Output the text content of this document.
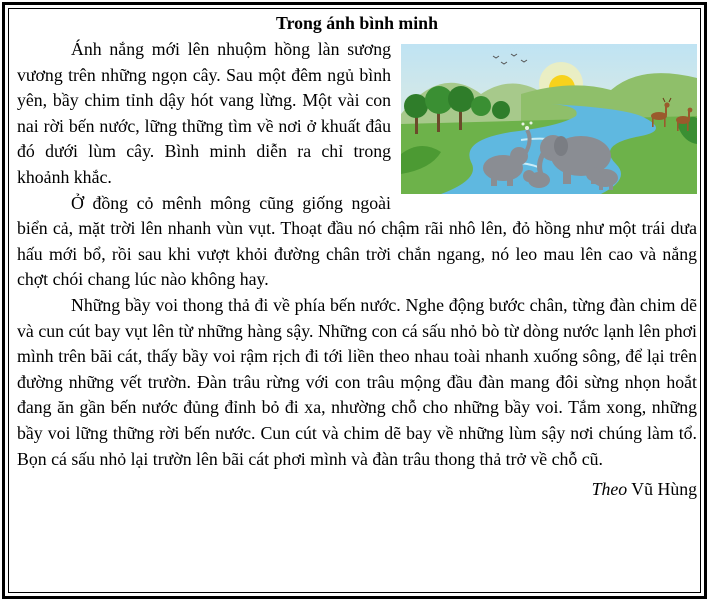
Trong ánh bình minh

Ánh nắng mới lên nhuộm hồng làn sương vương trên những ngọn cây. Sau một đêm ngủ bình yên, bầy chim tỉnh dậy hót vang lừng. Một vài con nai rời bến nước, lững thững tìm về nơi ở khuất đâu đó dưới lùm cây. Bình minh diễn ra chỉ trong khoảnh khắc.

Ở đồng cỏ mênh mông cũng giống ngoài biển cả, mặt trời lên nhanh vùn vụt. Thoạt đầu nó chậm rãi nhô lên, đỏ hồng như một trái dưa hấu mới bổ, rồi sau khi vượt khỏi đường chân trời chắn ngang, nó leo mau lên cao và nắng chợt chói chang lúc nào không hay.

Những bầy voi thong thả đi về phía bến nước. Nghe động bước chân, từng đàn chim dẽ và cun cút bay vụt lên từ những hàng sậy. Những con cá sấu nhỏ bò từ dòng nước lạnh lên phơi mình trên bãi cát, thấy bầy voi rậm rịch đi tới liền theo nhau toài nhanh xuống sông, để lại trên đường những vết trườn. Đàn trâu rừng với con trâu mộng đầu đàn mang đôi sừng nhọn hoắt đang ăn gần bến nước đủng đỉnh bỏ đi xa, nhường chỗ cho những bầy voi. Tắm xong, những bầy voi lững thững rời bến nước. Cun cút và chim dẽ bay về những lùm sậy nơi chúng làm tổ. Bọn cá sấu nhỏ lại trườn lên bãi cát phơi mình và đàn trâu thong thả trở về chỗ cũ.

Theo Vũ Hùng
